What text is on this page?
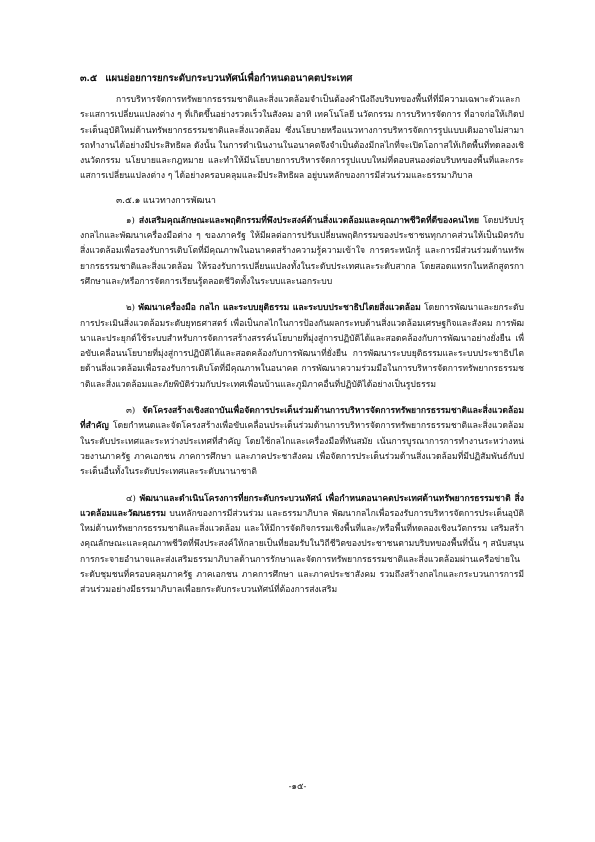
๓.๕ แผนย่อยการยกระดับกระบวนทัศน์เพื่อกำหนดอนาคตประเทศ

การบริหารจัดการทรัพยากรธรรมชาติและสิ่งแวดล้อมจำเป็นต้องคำนึงถึงบริบทของพื้นที่ที่มีความเฉพาะตัวและกระแสการเปลี่ยนแปลงต่าง ๆ ที่เกิดขึ้นอย่างรวดเร็วในสังคม อาทิ เทคโนโลยี นวัตกรรม การบริหารจัดการ ที่อาจก่อให้เกิดประเด็นอุบัติใหม่ด้านทรัพยากรธรรมชาติและสิ่งแวดล้อม ซึ่งนโยบายหรือแนวทางการบริหารจัดการรูปแบบเดิมอาจไม่สามารถทำงานได้อย่างมีประสิทธิผล ดังนั้น ในการดำเนินงานในอนาคตจึงจำเป็นต้องมีกลไกที่จะเปิดโอกาสให้เกิดพื้นที่ทดลองเชิงนวัตกรรม นโยบายและกฎหมาย และทำให้มีนโยบายการบริหารจัดการรูปแบบใหม่ที่ตอบสนองต่อบริบทของพื้นที่และกระแสการเปลี่ยนแปลงต่าง ๆ ได้อย่างครอบคลุมและมีประสิทธิผล อยู่บนหลักของการมีส่วนร่วมและธรรมาภิบาล

๓.๕.๑ แนวทางการพัฒนา

๑) ส่งเสริมคุณลักษณะและพฤติกรรมที่พึงประสงค์ด้านสิ่งแวดล้อมและคุณภาพชีวิตที่ดีของคนไทย โดยปรับปรุงกลไกและพัฒนาเครื่องมือต่าง ๆ ของภาครัฐ ให้มีผลต่อการปรับเปลี่ยนพฤติกรรมของประชาชนทุกภาคส่วนให้เป็นมิตรกับสิ่งแวดล้อมเพื่อรองรับการเติบโตที่มีคุณภาพในอนาคตสร้างความรู้ความเข้าใจ การตระหนักรู้ และการมีส่วนร่วมด้านทรัพยากรธรรมชาติและสิ่งแวดล้อม ให้รองรับการเปลี่ยนแปลงทั้งในระดับประเทศและระดับสากล โดยสอดแทรกในหลักสูตรการศึกษาและ/หรือการจัดการเรียนรู้ตลอดชีวิตทั้งในระบบและนอกระบบ

๒) พัฒนาเครื่องมือ กลไก และระบบยุติธรรม และระบบประชาธิปไตยสิ่งแวดล้อม โดยการพัฒนาและยกระดับการประเมินสิ่งแวดล้อมระดับยุทธศาสตร์ เพื่อเป็นกลไกในการป้องกันผลกระทบด้านสิ่งแวดล้อมเศรษฐกิจและสังคม การพัฒนาและประยุกต์ใช้ระบบสำหรับการจัดการสร้างสรรค์นโยบายที่มุ่งสู่การปฏิบัติได้และสอดคล้องกับการพัฒนาอย่างยั่งยืน เพื่อขับเคลื่อนนโยบายที่มุ่งสู่การปฏิบัติได้และสอดคล้องกับการพัฒนาที่ยั่งยืน การพัฒนาระบบยุติธรรมและระบบประชาธิปไตยด้านสิ่งแวดล้อมเพื่อรองรับการเติบโตที่มีคุณภาพในอนาคต การพัฒนาความร่วมมือในการบริหารจัดการทรัพยากรธรรมชาติและสิ่งแวดล้อมและภัยพิบัติร่วมกับประเทศเพื่อนบ้านและภูมิภาคอื่นที่ปฏิบัติได้อย่างเป็นรูปธรรม

๓) จัดโครงสร้างเชิงสถาบันเพื่อจัดการประเด็นร่วมด้านการบริหารจัดการทรัพยากรธรรมชาติและสิ่งแวดล้อมที่สำคัญ โดยกำหนดและจัดโครงสร้างเพื่อขับเคลื่อนประเด็นร่วมด้านการบริหารจัดการทรัพยากรธรรมชาติและสิ่งแวดล้อม ในระดับประเทศและระหว่างประเทศที่สำคัญ โดยใช้กลไกและเครื่องมือที่ทันสมัย เน้นการบูรณาการการทำงานระหว่างหน่วยงานภาครัฐ ภาคเอกชน ภาคการศึกษา และภาคประชาสังคม เพื่อจัดการประเด็นร่วมด้านสิ่งแวดล้อมที่มีปฏิสัมพันธ์กับประเด็นอื่นทั้งในระดับประเทศและระดับนานาชาติ

๔) พัฒนาและดำเนินโครงการที่ยกระดับกระบวนทัศน์ เพื่อกำหนดอนาคตประเทศด้านทรัพยากรธรรมชาติ สิ่งแวดล้อมและวัฒนธรรม บนหลักของการมีส่วนร่วม และธรรมาภิบาล พัฒนากลไกเพื่อรองรับการบริหารจัดการประเด็นอุบัติใหม่ด้านทรัพยากรธรรมชาติและสิ่งแวดล้อม และให้มีการจัดกิจกรรมเชิงพื้นที่และ/หรือพื้นที่ทดลองเชิงนวัตกรรม เสริมสร้างคุณลักษณะและคุณภาพชีวิตที่พึงประสงค์ให้กลายเป็นที่ยอมรับในวิถีชีวิตของประชาชนตามบริบทของพื้นที่นั้น ๆ สนับสนุนการกระจายอำนาจและส่งเสริมธรรมาภิบาลด้านการรักษาและจัดการทรัพยากรธรรมชาติและสิ่งแวดล้อมผ่านเครือข่ายในระดับชุมชนที่ครอบคลุมภาครัฐ ภาคเอกชน ภาคการศึกษา และภาคประชาสังคม รวมถึงสร้างกลไกและกระบวนการการมีส่วนร่วมอย่างมีธรรมาภิบาลเพื่อยกระดับกระบวนทัศน์ที่ต้องการส่งเสริม

-๑๕-
